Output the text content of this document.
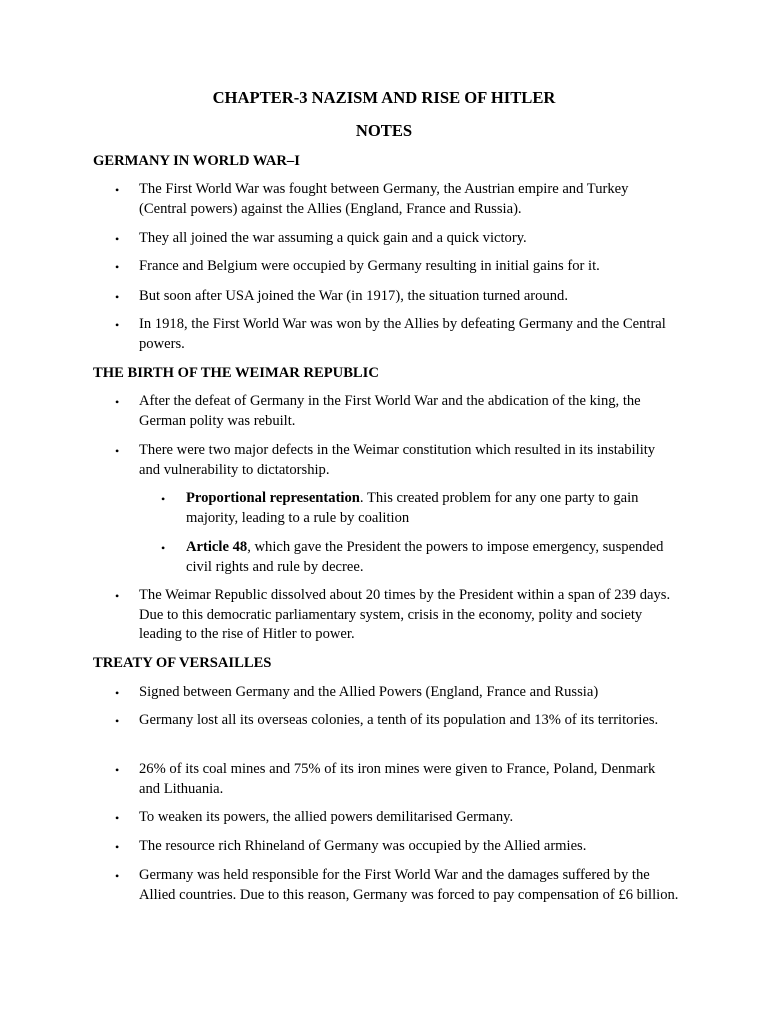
CHAPTER-3 NAZISM AND RISE OF HITLER
NOTES
GERMANY IN WORLD WAR–I
• The First World War was fought between Germany, the Austrian empire and Turkey (Central powers) against the Allies (England, France and Russia).
• They all joined the war assuming a quick gain and a quick victory.
• France and Belgium were occupied by Germany resulting in initial gains for it.
• But soon after USA joined the War (in 1917), the situation turned around.
• In 1918, the First World War was won by the Allies by defeating Germany and the Central powers.
THE BIRTH OF THE WEIMAR REPUBLIC
• After the defeat of Germany in the First World War and the abdication of the king, the German polity was rebuilt.
• There were two major defects in the Weimar constitution which resulted in its instability and vulnerability to dictatorship.
• Proportional representation. This created problem for any one party to gain majority, leading to a rule by coalition
• Article 48, which gave the President the powers to impose emergency, suspended civil rights and rule by decree.
• The Weimar Republic dissolved about 20 times by the President within a span of 239 days. Due to this democratic parliamentary system, crisis in the economy, polity and society leading to the rise of Hitler to power.
TREATY OF VERSAILLES
• Signed between Germany and the Allied Powers (England, France and Russia)
• Germany lost all its overseas colonies, a tenth of its population and 13% of its territories.
• 26% of its coal mines and 75% of its iron mines were given to France, Poland, Denmark and Lithuania.
• To weaken its powers, the allied powers demilitarised Germany.
• The resource rich Rhineland of Germany was occupied by the Allied armies.
• Germany was held responsible for the First World War and the damages suffered by the Allied countries. Due to this reason, Germany was forced to pay compensation of £6 billion.
